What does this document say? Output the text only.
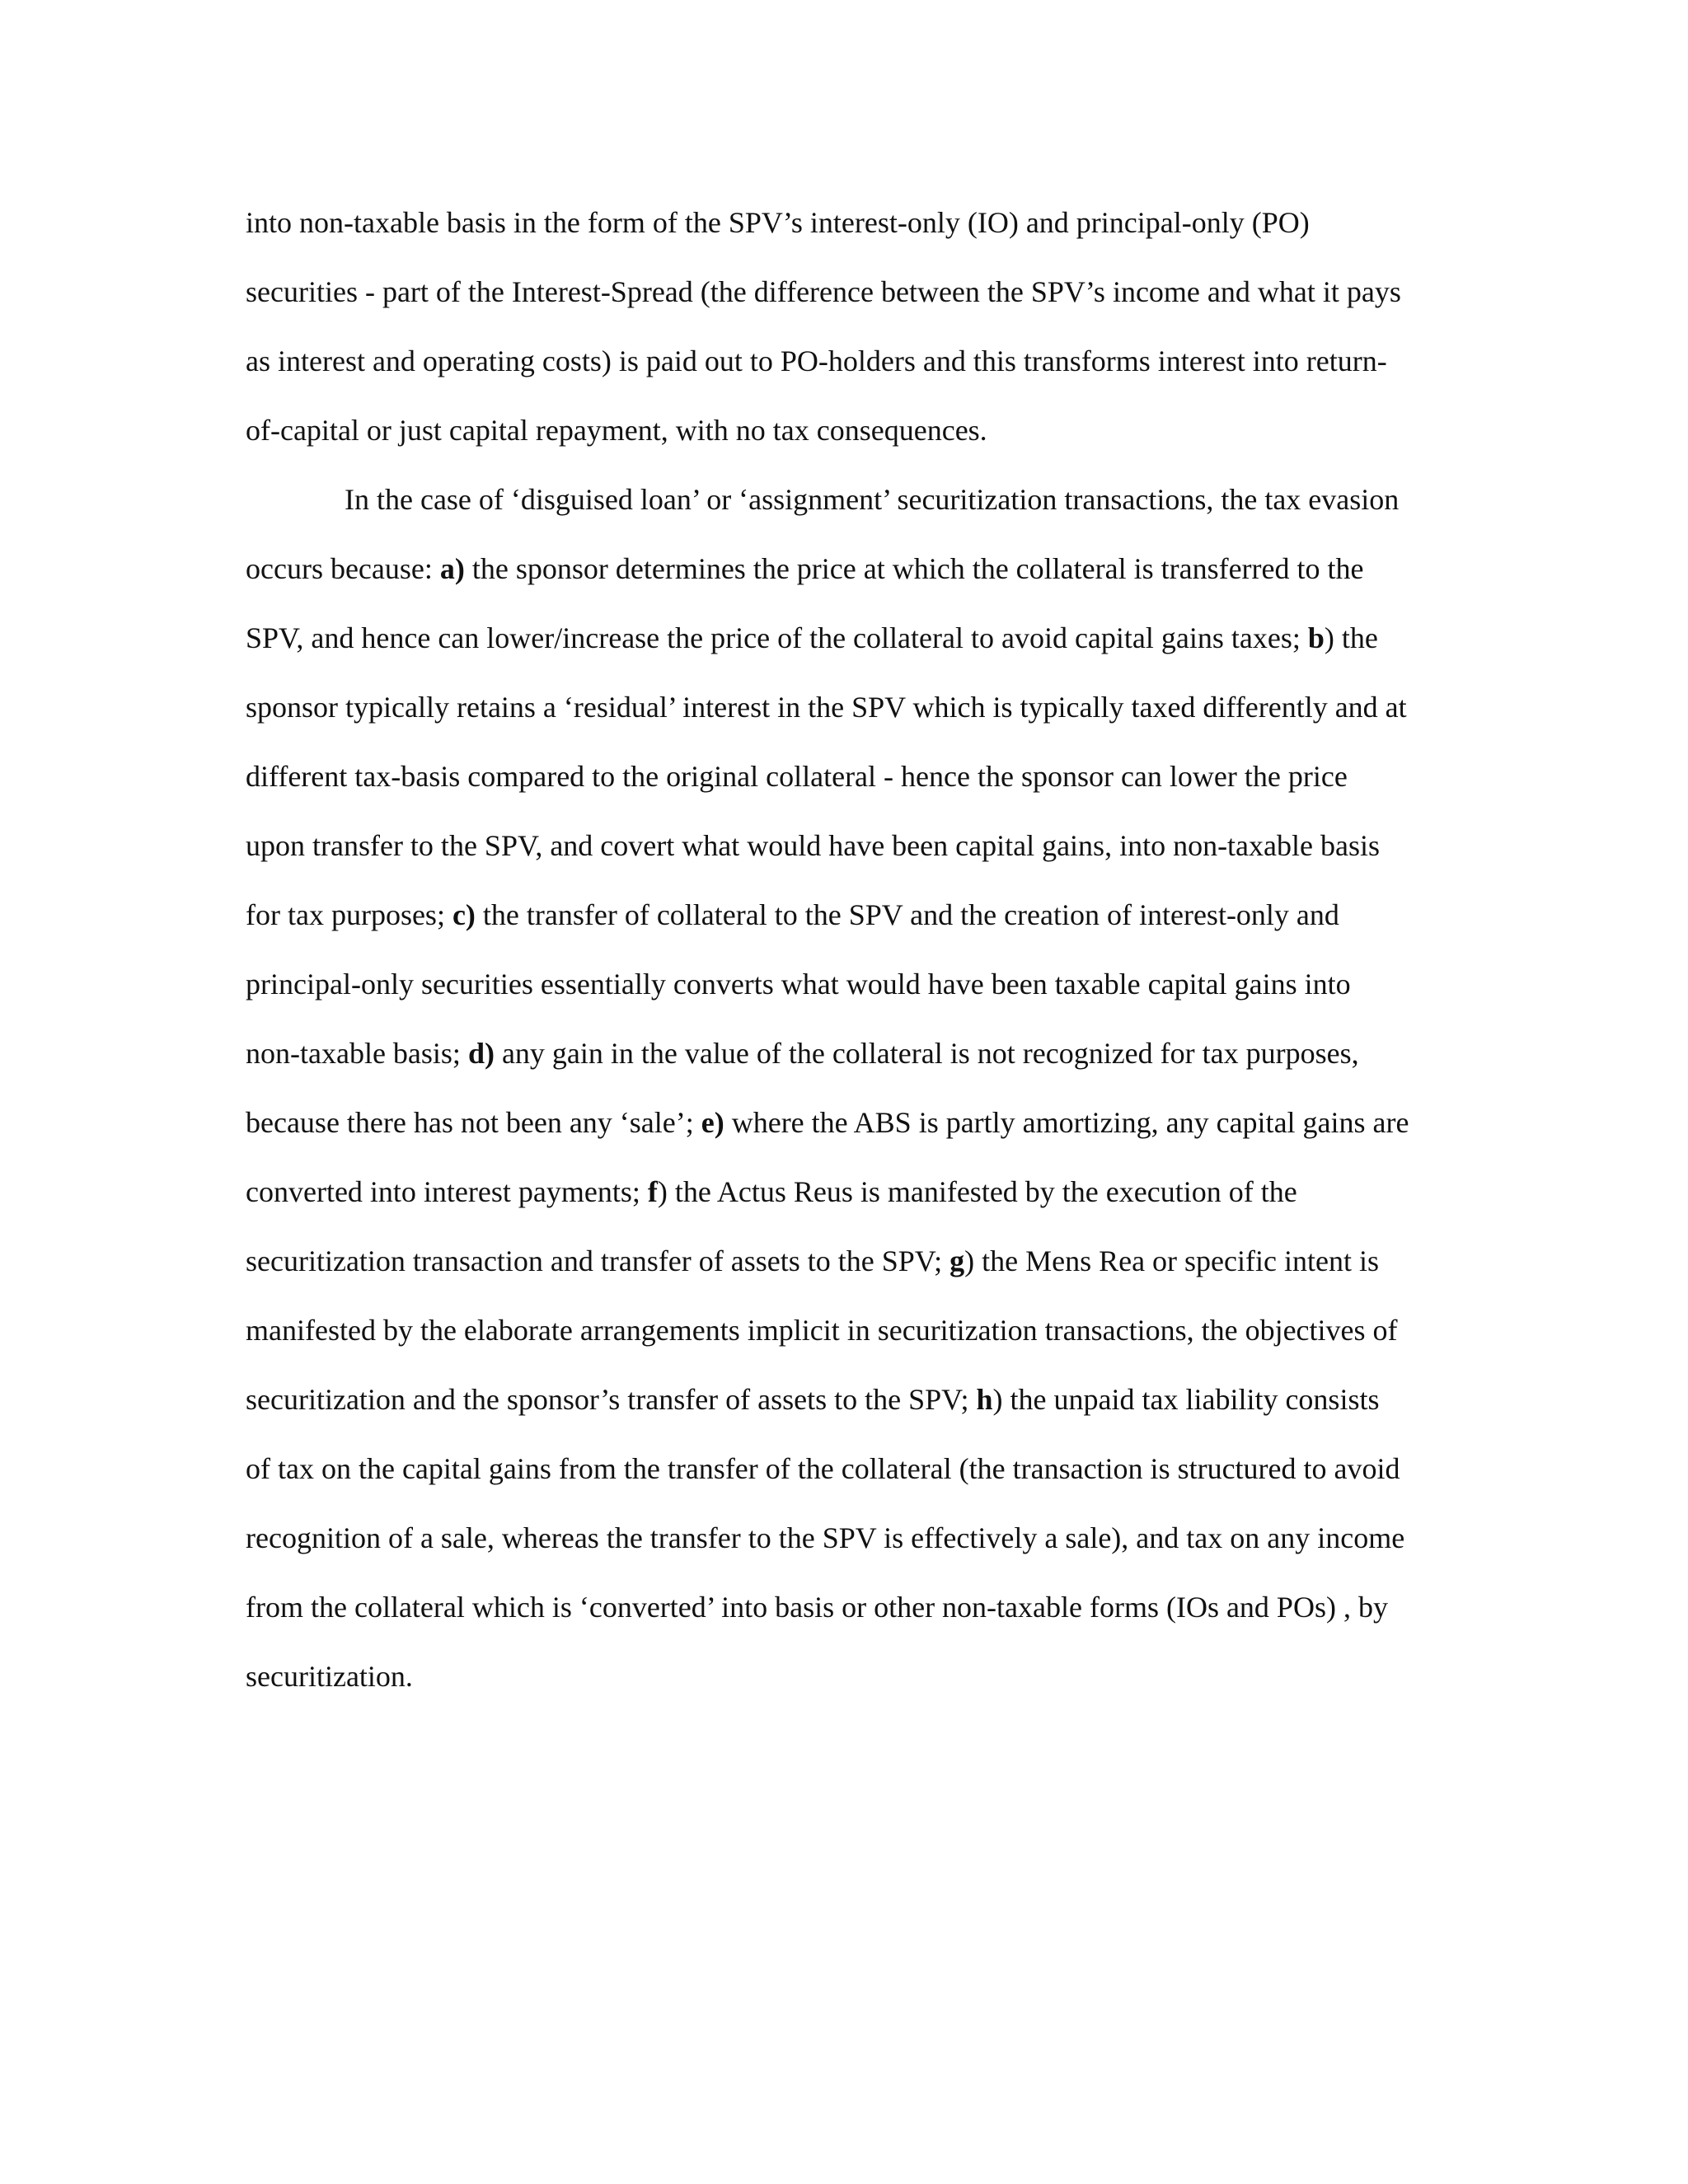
into non-taxable basis in the form of the SPV’s interest-only (IO) and principal-only (PO)
securities - part of the Interest-Spread (the difference between the SPV’s income and what it pays
as interest and operating costs) is paid out to PO-holders and this transforms interest into return-
of-capital or just capital repayment, with no tax consequences.
In the case of ‘disguised loan’ or ‘assignment’ securitization transactions, the tax evasion
occurs because: a) the sponsor determines the price at which the collateral is transferred to the
SPV, and hence can lower/increase the price of the collateral to avoid capital gains taxes; b) the
sponsor typically retains a ‘residual’ interest in the SPV which is typically taxed differently and at
different tax-basis compared to the original collateral - hence the sponsor can lower the price
upon transfer to the SPV, and covert what would have been capital gains, into non-taxable basis
for tax purposes; c) the transfer of collateral to the SPV and the creation of interest-only and
principal-only securities essentially converts what would have been taxable capital gains into
non-taxable basis; d) any gain in the value of the collateral is not recognized for tax purposes,
because there has not been any ‘sale’; e) where the ABS is partly amortizing, any capital gains are
converted into interest payments; f) the Actus Reus is manifested by the execution of the
securitization transaction and transfer of assets to the SPV; g) the Mens Rea or specific intent is
manifested by the elaborate arrangements implicit in securitization transactions, the objectives of
securitization and the sponsor’s transfer of assets to the SPV; h) the unpaid tax liability consists
of tax on the capital gains from the transfer of the collateral (the transaction is structured to avoid
recognition of a sale, whereas the transfer to the SPV is effectively a sale), and tax on any income
from the collateral which is ‘converted’ into basis or other non-taxable forms (IOs and POs) , by
securitization.
